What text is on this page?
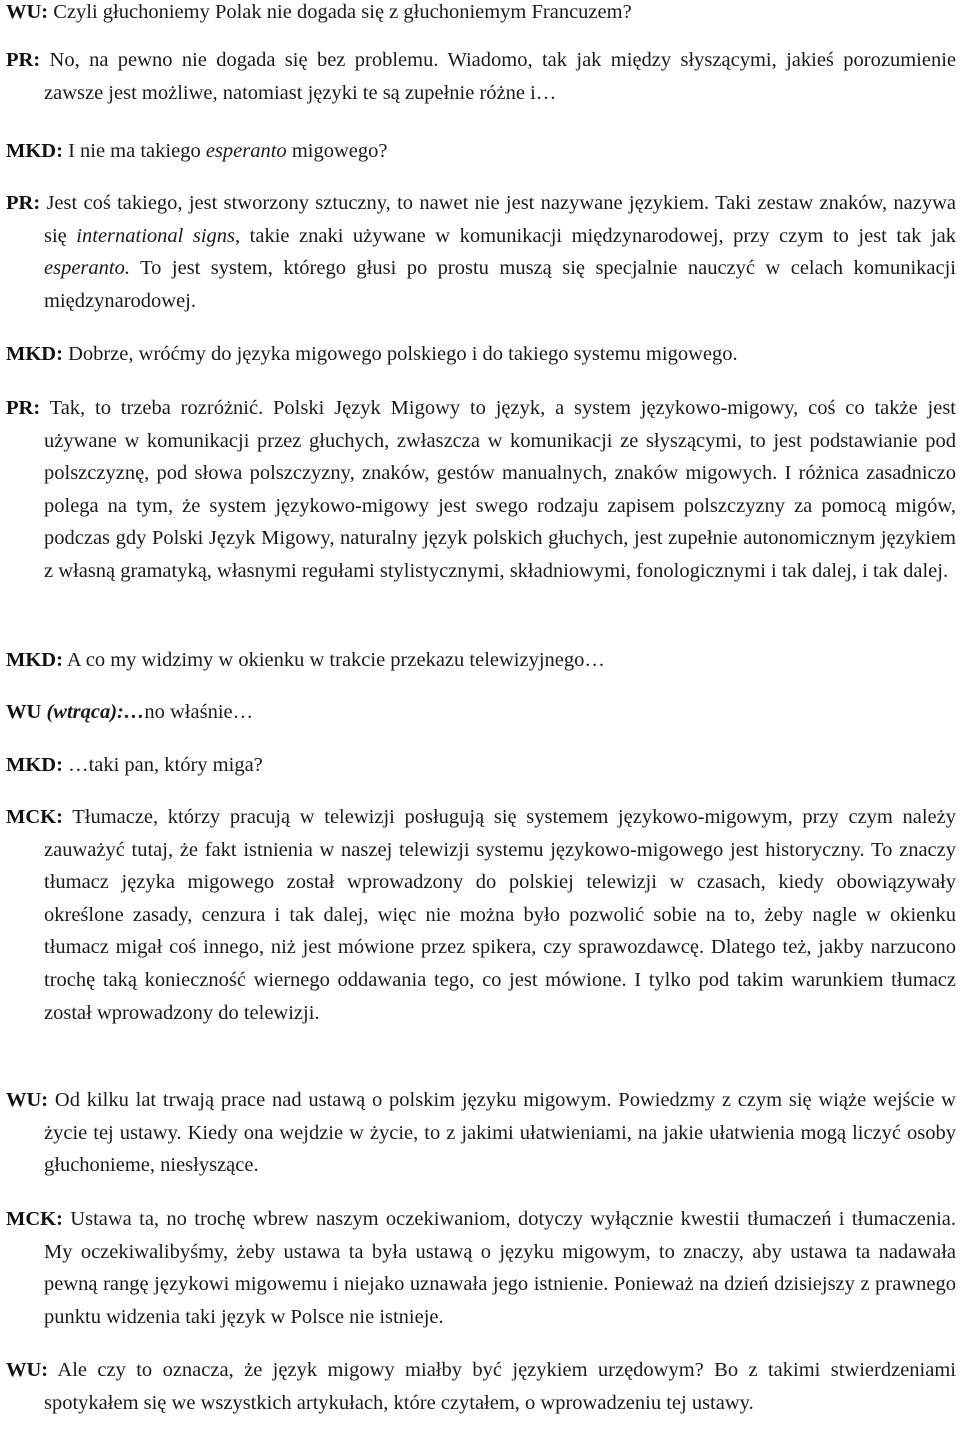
WU: Czyli głuchoniemy Polak nie dogada się z głuchoniemym Francuzem?

PR: No, na pewno nie dogada się bez problemu. Wiadomo, tak jak między słyszącymi, jakieś porozumienie zawsze jest możliwe, natomiast języki te są zupełnie różne i…

MKD: I nie ma takiego esperanto migowego?

PR: Jest coś takiego, jest stworzony sztuczny, to nawet nie jest nazywane językiem. Taki zestaw znaków, nazywa się international signs, takie znaki używane w komunikacji międzynarodowej, przy czym to jest tak jak esperanto. To jest system, którego głusi po prostu muszą się specjalnie nauczyć w celach komunikacji międzynarodowej.

MKD: Dobrze, wróćmy do języka migowego polskiego i do takiego systemu migowego.

PR: Tak, to trzeba rozróżnić. Polski Język Migowy to język, a system językowo-migowy, coś co także jest używane w komunikacji przez głuchych, zwłaszcza w komunikacji ze słyszącymi, to jest podstawianie pod polszczyznę, pod słowa polszczyzny, znaków, gestów manualnych, znaków migowych. I różnica zasadniczo polega na tym, że system językowo-migowy jest swego rodzaju zapisem polszczyzny za pomocą migów, podczas gdy Polski Język Migowy, naturalny język polskich głuchych, jest zupełnie autonomicznym językiem z własną gramatyką, własnymi regułami stylistycznymi, składniowymi, fonologicznymi i tak dalej, i tak dalej.

MKD: A co my widzimy w okienku w trakcie przekazu telewizyjnego…

WU (wtrąca):…no właśnie…

MKD: …taki pan, który miga?

MCK: Tłumacze, którzy pracują w telewizji posługują się systemem językowo-migowym, przy czym należy zauważyć tutaj, że fakt istnienia w naszej telewizji systemu językowo-migowego jest historyczny. To znaczy tłumacz języka migowego został wprowadzony do polskiej telewizji w czasach, kiedy obowiązywały określone zasady, cenzura i tak dalej, więc nie można było pozwolić sobie na to, żeby nagle w okienku tłumacz migał coś innego, niż jest mówione przez spikera, czy sprawozdawcę. Dlatego też, jakby narzucono trochę taką konieczność wiernego oddawania tego, co jest mówione. I tylko pod takim warunkiem tłumacz został wprowadzony do telewizji.

WU: Od kilku lat trwają prace nad ustawą o polskim języku migowym. Powiedzmy z czym się wiąże wejście w życie tej ustawy. Kiedy ona wejdzie w życie, to z jakimi ułatwieniami, na jakie ułatwienia mogą liczyć osoby głuchonieme, niesłyszące.

MCK: Ustawa ta, no trochę wbrew naszym oczekiwaniom, dotyczy wyłącznie kwestii tłumaczeń i tłumaczenia. My oczekiwalibyśmy, żeby ustawa ta była ustawą o języku migowym, to znaczy, aby ustawa ta nadawała pewną rangę językowi migowemu i niejako uznawała jego istnienie. Ponieważ na dzień dzisiejszy z prawnego punktu widzenia taki język w Polsce nie istnieje.

WU: Ale czy to oznacza, że język migowy miałby być językiem urzędowym? Bo z takimi stwierdzeniami spotykałem się we wszystkich artykułach, które czytałem, o wprowadzeniu tej ustawy.
